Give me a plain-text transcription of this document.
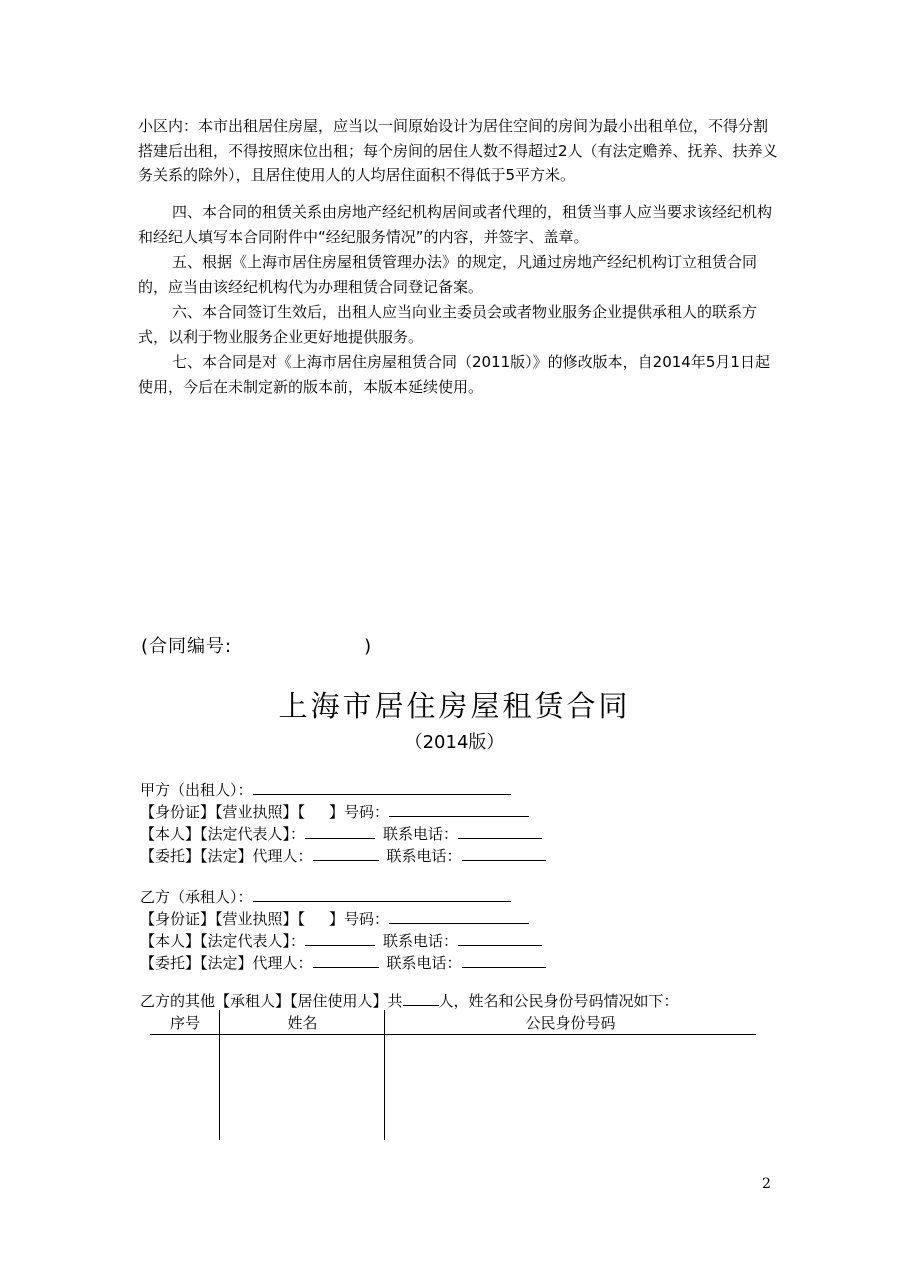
小区内：本市出租居住房屋，应当以一间原始设计为居住空间的房间为最小出租单位，不得分割搭建后出租，不得按照床位出租；每个房间的居住人数不得超过2人（有法定赡养、抚养、扶养义务关系的除外），且居住使用人的人均居住面积不得低于5平方米。

四、本合同的租赁关系由房地产经纪机构居间或者代理的，租赁当事人应当要求该经纪机构和经纪人填写本合同附件中“经纪服务情况”的内容，并签字、盖章。

五、根据《上海市居住房屋租赁管理办法》的规定，凡通过房地产经纪机构订立租赁合同的，应当由该经纪机构代为办理租赁合同登记备案。

六、本合同签订生效后，出租人应当向业主委员会或者物业服务企业提供承租人的联系方式，以利于物业服务企业更好地提供服务。

七、本合同是对《上海市居住房屋租赁合同（2011版）》的修改版本，自2014年5月1日起使用，今后在未制定新的版本前，本版本延续使用。

(合同编号:	)
上海市居住房屋租赁合同
（2014版）
甲方（出租人）：
【身份证】【营业执照】【 】号码：
【本人】【法定代表人】：	联系电话：
【委托】【法定】代理人：	联系电话：
乙方（承租人）：
【身份证】【营业执照】【 】号码：
【本人】【法定代表人】：	联系电话：
【委托】【法定】代理人：	联系电话：
乙方的其他【承租人】【居住使用人】共 人，姓名和公民身份号码情况如下：
序号	姓名	公民身份号码
2
